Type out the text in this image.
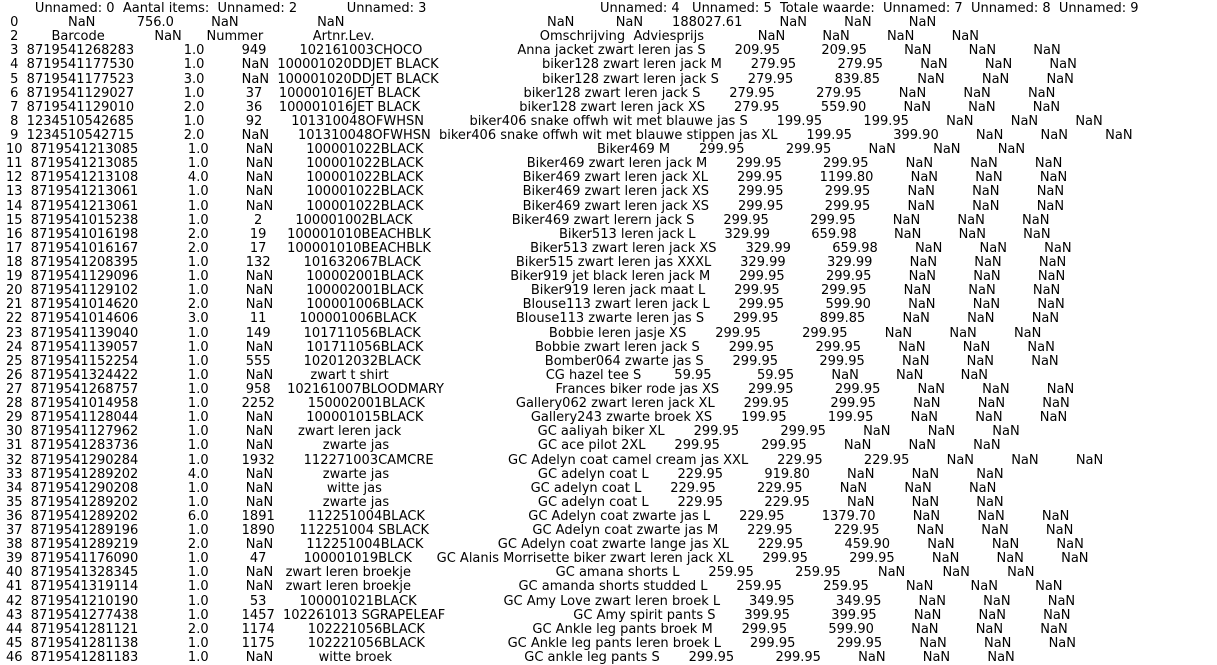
Unnamed: 0  Aantal items:  Unnamed: 2            Unnamed: 3                                          Unnamed: 4   Unnamed: 5  Totale waarde:  Unnamed: 7  Unnamed: 8  Unnamed: 9
0            NaN          756.0         NaN                   NaN                                                 NaN          NaN       188027.61         NaN         NaN         NaN
2        Barcode            NaN      Nummer            Artnr.Lev.                                        Omschrijving  Adviesprijs             NaN         NaN         NaN         NaN
3  8719541268283            1.0         949        102161003CHOCO                       Anna jacket zwart leren jas S       209.95          209.95         NaN         NaN         NaN
4  8719541177530            1.0         NaN  100001020DDJET BLACK                         biker128 zwart leren jack M       279.95          279.95         NaN         NaN         NaN
5  8719541177523            3.0         NaN  100001020DDJET BLACK                         biker128 zwart leren jack S       279.95          839.85         NaN         NaN         NaN
6  8719541129027            1.0          37    100001016JET BLACK                         biker128 zwart leren jack S       279.95          279.95         NaN         NaN         NaN
7  8719541129010            2.0          36    100001016JET BLACK                        biker128 zwart leren jack XS       279.95          559.90         NaN         NaN         NaN
8  1234510542685            1.0          92       101310048OFWHSN           biker406 snake offwh wit met blauwe jas S       199.95          199.95         NaN         NaN         NaN
9  1234510542715            2.0         NaN       101310048OFWHSN  biker406 snake offwh wit met blauwe stippen jas XL       199.95          399.90         NaN         NaN         NaN
10  8719541213085            1.0         NaN        100001022BLACK                                          Biker469 M       299.95          299.95         NaN         NaN         NaN
11  8719541213085            1.0         NaN        100001022BLACK                         Biker469 zwart leren jack M       299.95          299.95         NaN         NaN         NaN
12  8719541213108            4.0         NaN        100001022BLACK                        Biker469 zwart leren jack XL       299.95         1199.80         NaN         NaN         NaN
13  8719541213061            1.0         NaN        100001022BLACK                        Biker469 zwart leren jack XS       299.95          299.95         NaN         NaN         NaN
14  8719541213061            1.0         NaN        100001022BLACK                        Biker469 zwart leren jack XS       299.95          299.95         NaN         NaN         NaN
15  8719541015238            1.0           2        100001002BLACK                        Biker469 zwart lerern jack S       299.95          299.95         NaN         NaN         NaN
16  8719541016198            2.0          19     100001010BEACHBLK                               Biker513 leren jack L       329.99          659.98         NaN         NaN         NaN
17  8719541016167            2.0          17     100001010BEACHBLK                        Biker513 zwart leren jack XS       329.99          659.98         NaN         NaN         NaN
18  8719541208395            1.0         132        101632067BLACK                       Biker515 zwart leren jas XXXL       329.99          329.99         NaN         NaN         NaN
19  8719541129096            1.0         NaN        100002001BLACK                     Biker919 jet black leren jack M       299.95          299.95         NaN         NaN         NaN
20  8719541129102            1.0         NaN        100002001BLACK                          Biker919 leren jack maat L       299.95          299.95         NaN         NaN         NaN
21  8719541014620            2.0         NaN        100001006BLACK                        Blouse113 zwart leren jack L       299.95          599.90         NaN         NaN         NaN
22  8719541014606            3.0          11        100001006BLACK                        Blouse113 zwarte leren jas S       299.95          899.85         NaN         NaN         NaN
23  8719541139040            1.0         149        101711056BLACK                               Bobbie leren jasje XS       299.95          299.95         NaN         NaN         NaN
24  8719541139057            1.0         NaN        101711056BLACK                           Bobbie zwart leren jack S       299.95          299.95         NaN         NaN         NaN
25  8719541152254            1.0         555        102012032BLACK                              Bomber064 zwarte jas S       299.95          299.95         NaN         NaN         NaN
26  8719541324422            1.0         NaN         zwart t shirt                                      CG hazel tee S        59.95           59.95         NaN         NaN         NaN
27  8719541268757            1.0         958    102161007BLOODMARY                           Frances biker rode jas XS       299.95          299.95         NaN         NaN         NaN
28  8719541014958            1.0        2252        150002001BLACK                      Gallery062 zwart leren jack XL       299.95          299.95         NaN         NaN         NaN
29  8719541128044            1.0         NaN        100001015BLACK                          Gallery243 zwarte broek XS       199.95          199.95         NaN         NaN         NaN
30  8719541127962            1.0         NaN      zwart leren jack                                 GC aaliyah biker XL       299.95          299.95         NaN         NaN         NaN
31  8719541283736            1.0         NaN            zwarte jas                                    GC ace pilot 2XL       299.95          299.95         NaN         NaN         NaN
32  8719541290284            1.0        1932       112271003CAMCRE                  GC Adelyn coat camel cream jas XXL       229.95          229.95         NaN         NaN         NaN
33  8719541289202            4.0         NaN            zwarte jas                                    GC adelyn coat L       229.95          919.80         NaN         NaN         NaN
34  8719541290208            1.0         NaN             witte jas                                    GC adelyn coat L       229.95          229.95         NaN         NaN         NaN
35  8719541289202            1.0         NaN            zwarte jas                                    GC adelyn coat L       229.95          229.95         NaN         NaN         NaN
36  8719541289202            6.0        1891        112251004BLACK                         GC Adelyn coat zwarte jas L       229.95         1379.70         NaN         NaN         NaN
37  8719541289196            1.0        1890      112251004 SBLACK                         GC Adelyn coat zwarte jas M       229.95          229.95         NaN         NaN         NaN
38  8719541289219            2.0         NaN        112251004BLACK                  GC Adelyn coat zwarte lange jas XL       229.95          459.90         NaN         NaN         NaN
39  8719541176090            1.0          47         100001019BLCK      GC Alanis Morrisette biker zwart leren jack XL       299.95          299.95         NaN         NaN         NaN
40  8719541328345            1.0         NaN   zwart leren broekje                                   GC amana shorts L       259.95          259.95         NaN         NaN         NaN
41  8719541319114            1.0         NaN   zwart leren broekje                          GC amanda shorts studded L       259.95          259.95         NaN         NaN         NaN
42  8719541210190            1.0          53        100001021BLACK                     GC Amy Love zwart leren broek L       349.95          349.95         NaN         NaN         NaN
43  8719541277438            1.0        1457  102261013 SGRAPELEAF                               GC Amy spirit pants S       399.95          399.95         NaN         NaN         NaN
44  8719541281121            2.0        1174        102221056BLACK                          GC Ankle leg pants broek M       299.95          599.90         NaN         NaN         NaN
45  8719541281138            1.0        1175        102221056BLACK                    GC Ankle leg pants leren broek L       299.95          299.95         NaN         NaN         NaN
46  8719541281183            1.0         NaN           witte broek                                GC ankle leg pants S       299.95          299.95         NaN         NaN         NaN
